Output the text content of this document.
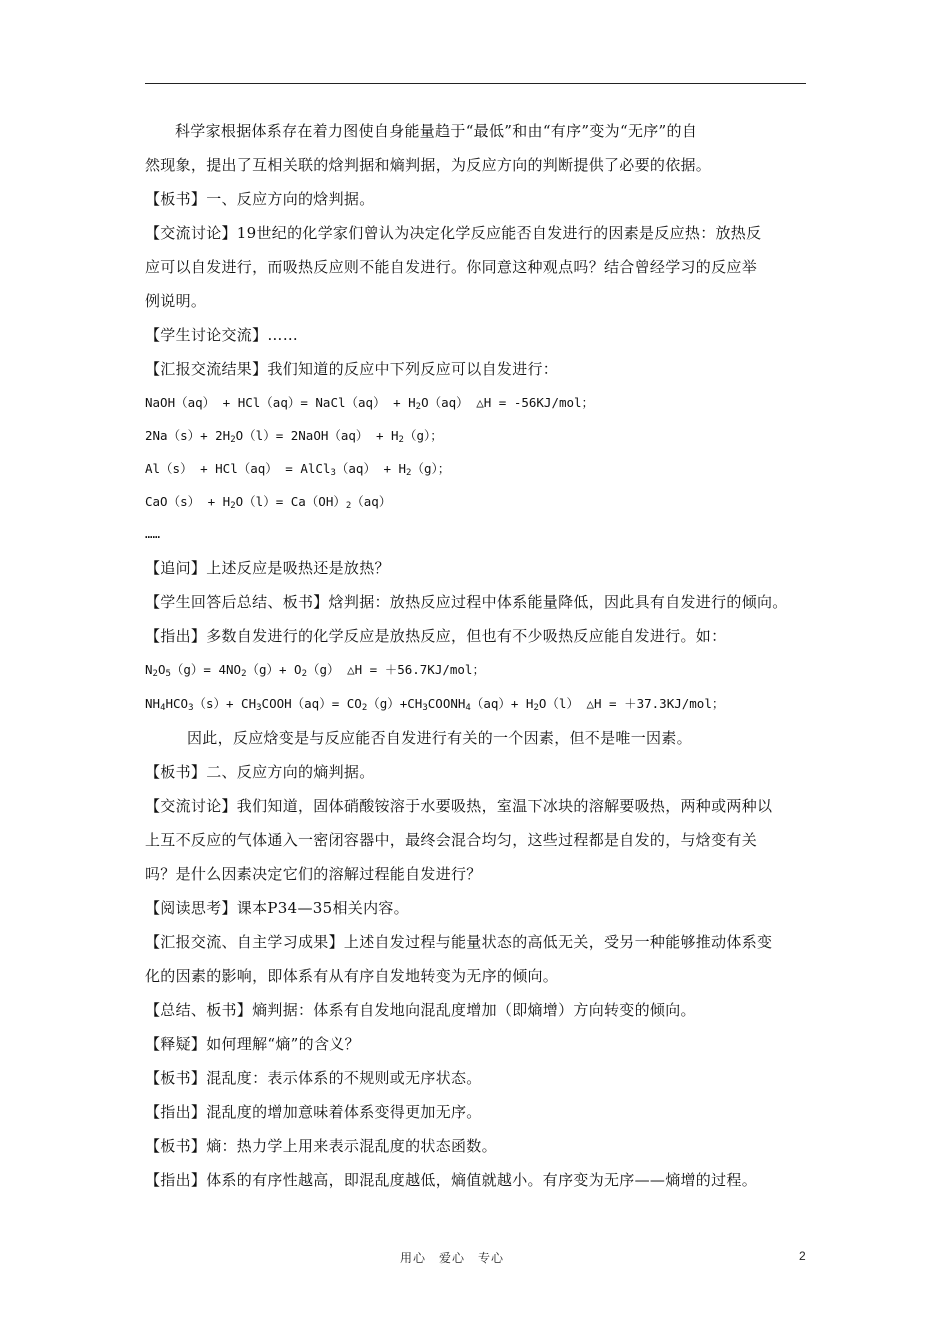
科学家根据体系存在着力图使自身能量趋于“最低”和由“有序”变为“无序”的自
然现象，提出了互相关联的焓判据和熵判据，为反应方向的判断提供了必要的依据。
【板书】一、反应方向的焓判据。
【交流讨论】19世纪的化学家们曾认为决定化学反应能否自发进行的因素是反应热：放热反
应可以自发进行，而吸热反应则不能自发进行。你同意这种观点吗？结合曾经学习的反应举
例说明。
【学生讨论交流】……
【汇报交流结果】我们知道的反应中下列反应可以自发进行：
NaOH（aq） + HCl（aq）= NaCl（aq） + $H_2O(aq)$ △H = -56KJ/mol；
$2Na(s)+ 2H_2O(l)=$ 2NaOH（aq） + $H_2(g)$；
Al（s） + HCl（aq） = AlCl$_3$（aq） + $H_2(g)$；
$CaO(s) + H_2O(l)= Ca(OH)_2(aq)$
……
【追问】上述反应是吸热还是放热？
【学生回答后总结、板书】焓判据：放热反应过程中体系能量降低，因此具有自发进行的倾向。
【指出】多数自发进行的化学反应是放热反应，但也有不少吸热反应能自发进行。如：
$N_2O_5(g)= 4NO_2(g)+ O_2(g)$ △H = ＋56.7KJ/mol；
$NH_4HCO_3(s)+$ $CH_3COOH(aq)=$ $CO_2(g)+CH_3COONH_4(aq)+ H_2O(l)$ △H = ＋37.3KJ/mol；
因此，反应焓变是与反应能否自发进行有关的一个因素，但不是唯一因素。
【板书】二、反应方向的熵判据。
【交流讨论】我们知道，固体硝酸铵溶于水要吸热，室温下冰块的溶解要吸热，两种或两种以
上互不反应的气体通入一密闭容器中，最终会混合均匀，这些过程都是自发的，与焓变有关
吗？是什么因素决定它们的溶解过程能自发进行？
【阅读思考】课本P34—35相关内容。
【汇报交流、自主学习成果】上述自发过程与能量状态的高低无关，受另一种能够推动体系变
化的因素的影响，即体系有从有序自发地转变为无序的倾向。
【总结、板书】熵判据：体系有自发地向混乱度增加（即熵增）方向转变的倾向。
【释疑】如何理解“熵”的含义？
【板书】混乱度：表示体系的不规则或无序状态。
【指出】混乱度的增加意味着体系变得更加无序。
【板书】熵：热力学上用来表示混乱度的状态函数。
【指出】体系的有序性越高，即混乱度越低，熵值就越小。有序变为无序——熵增的过程。
用心　爱心　专心	2
